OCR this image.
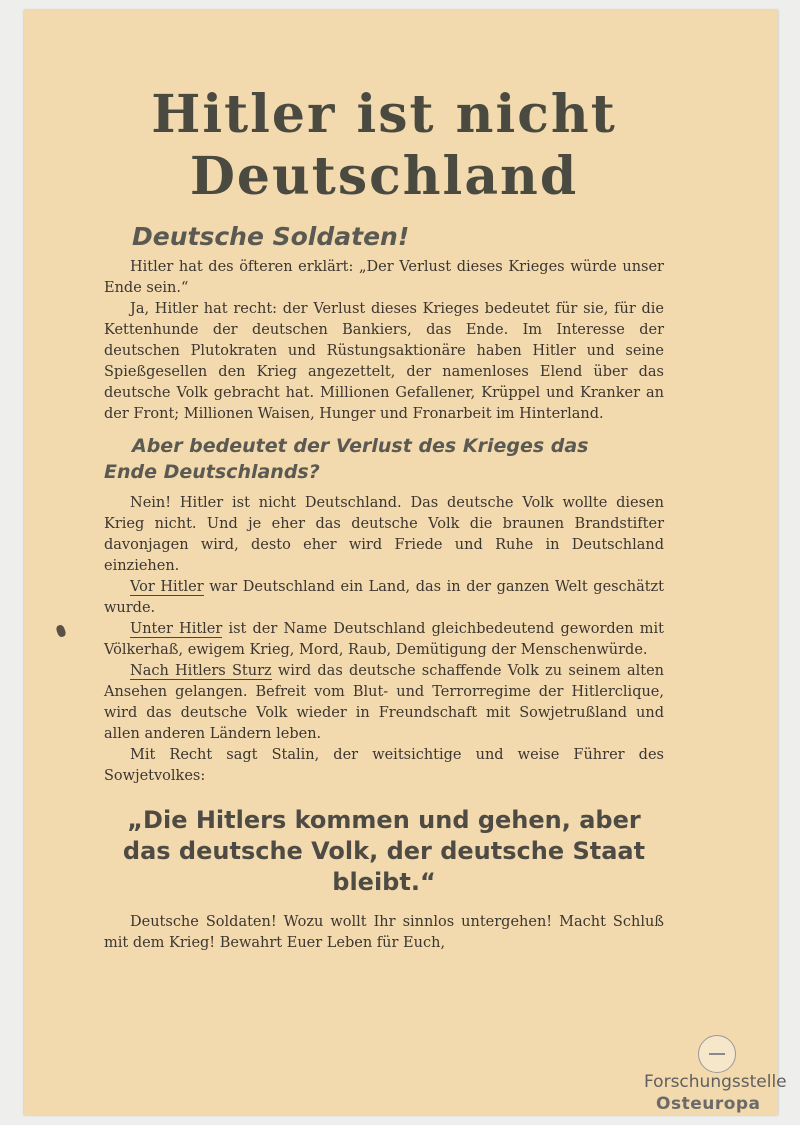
Hitler ist nicht
Deutschland
Deutsche Soldaten!

Hitler hat des öfteren erklärt: „Der Verlust dieses Krieges würde unser Ende sein.“

Ja, Hitler hat recht: der Verlust dieses Krieges bedeutet für sie, für die Kettenhunde der deutschen Bankiers, das Ende. Im Interesse der deutschen Plutokraten und Rüstungsaktionäre haben Hitler und seine Spießgesellen den Krieg angezettelt, der namenloses Elend über das deutsche Volk gebracht hat. Millionen Gefallener, Krüppel und Kranker an der Front; Millionen Waisen, Hunger und Fronarbeit im Hinterland.

Aber bedeutet der Verlust des Krieges das
Ende Deutschlands?

Nein! Hitler ist nicht Deutschland. Das deutsche Volk wollte diesen Krieg nicht. Und je eher das deutsche Volk die braunen Brandstifter davonjagen wird, desto eher wird Friede und Ruhe in Deutschland einziehen.

Vor Hitler war Deutschland ein Land, das in der ganzen Welt geschätzt wurde.

Unter Hitler ist der Name Deutschland gleichbedeutend geworden mit Völkerhaß, ewigem Krieg, Mord, Raub, Demütigung der Menschenwürde.

Nach Hitlers Sturz wird das deutsche schaffende Volk zu seinem alten Ansehen gelangen. Befreit vom Blut- und Terrorregime der Hitlerclique, wird das deutsche Volk wieder in Freundschaft mit Sowjetrußland und allen anderen Ländern leben.

Mit Recht sagt Stalin, der weitsichtige und weise Führer des Sowjetvolkes:

„Die Hitlers kommen und gehen, aber das deutsche Volk, der deutsche Staat bleibt.“

Deutsche Soldaten! Wozu wollt Ihr sinnlos untergehen! Macht Schluß mit dem Krieg! Bewahrt Euer Leben für Euch,

Forschungsstelle
Osteuropa
